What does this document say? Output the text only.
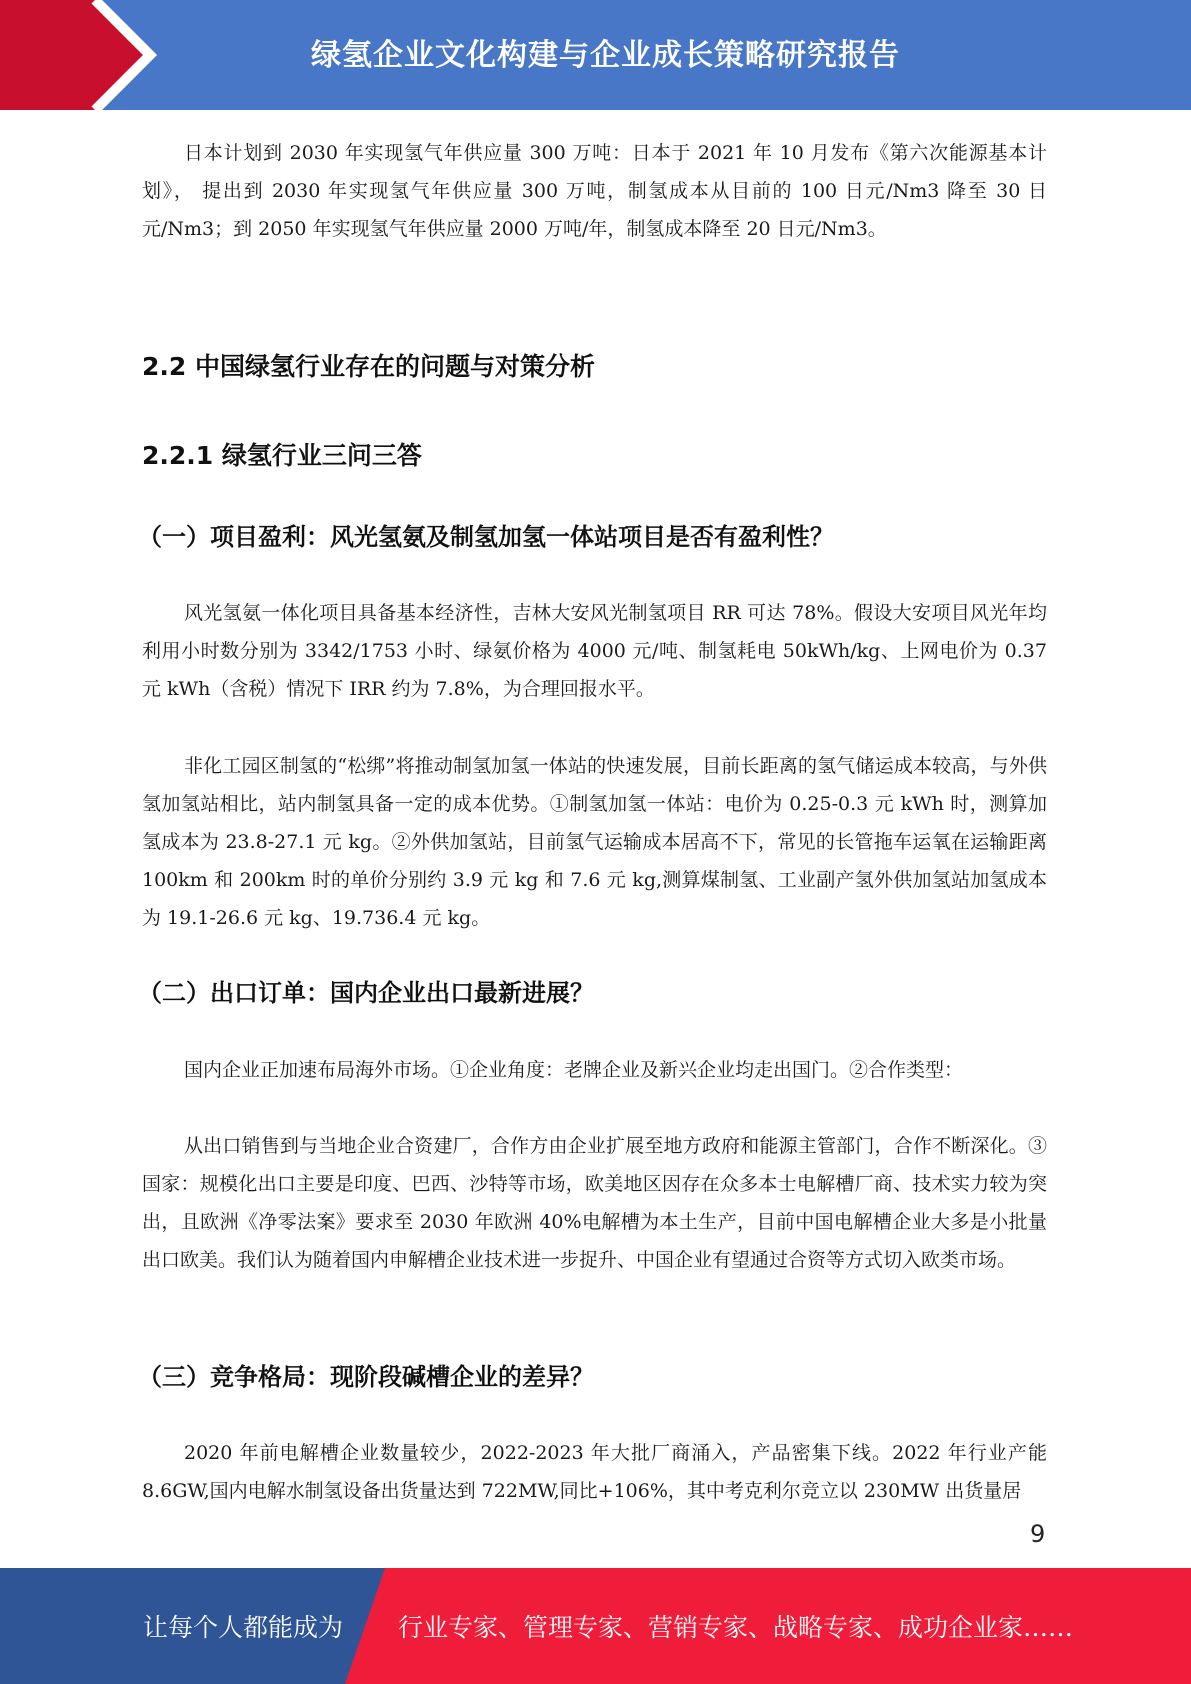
绿氢企业文化构建与企业成长策略研究报告

日本计划到 2030 年实现氢气年供应量 300 万吨：日本于 2021 年 10 月发布《第六次能源基本计划》， 提出到 2030 年实现氢气年供应量 300 万吨，制氢成本从目前的 100 日元/Nm3 降至 30 日元/Nm3；到 2050 年实现氢气年供应量 2000 万吨/年，制氢成本降至 20 日元/Nm3。

2.2 中国绿氢行业存在的问题与对策分析
2.2.1 绿氢行业三问三答
（一）项目盈利：风光氢氨及制氢加氢一体站项目是否有盈利性？

风光氢氨一体化项目具备基本经济性，吉林大安风光制氢项目 RR 可达 78%。假设大安项目风光年均利用小时数分别为 3342/1753 小时、绿氨价格为 4000 元/吨、制氢耗电 50kWh/kg、上网电价为 0.37 元 kWh（含税）情况下 IRR 约为 7.8%，为合理回报水平。

非化工园区制氢的“松绑”将推动制氢加氢一体站的快速发展，目前长距离的氢气储运成本较高，与外供氢加氢站相比，站内制氢具备一定的成本优势。①制氢加氢一体站：电价为 0.25-0.3 元 kWh 时，测算加氢成本为 23.8-27.1 元 kg。②外供加氢站，目前氢气运输成本居高不下，常见的长管拖车运氧在运输距离 100km 和 200km 时的单价分别约 3.9 元 kg 和 7.6 元 kg,测算煤制氢、工业副产氢外供加氢站加氢成本为 19.1-26.6 元 kg、19.736.4 元 kg。

（二）出口订单：国内企业出口最新进展？

国内企业正加速布局海外市场。①企业角度：老牌企业及新兴企业均走出国门。②合作类型：

从出口销售到与当地企业合资建厂，合作方由企业扩展至地方政府和能源主管部门，合作不断深化。③国家：规模化出口主要是印度、巴西、沙特等市场，欧美地区因存在众多本士电解槽厂商、技术实力较为突出，且欧洲《净零法案》要求至 2030 年欧洲 40%电解槽为本土生产，目前中国电解槽企业大多是小批量出口欧美。我们认为随着国内申解槽企业技术进一步捉升、中国企业有望通过合资等方式切入欧类市场。

（三）竞争格局：现阶段碱槽企业的差异？

2020 年前电解槽企业数量较少，2022-2023 年大批厂商涌入，产品密集下线。2022 年行业产能 8.6GW,国内电解水制氢设备出货量达到 722MW,同比+106%，其中考克利尔竞立以 230MW 出货量居

9
让每个人都能成为 行业专家、管理专家、营销专家、战略专家、成功企业家……
